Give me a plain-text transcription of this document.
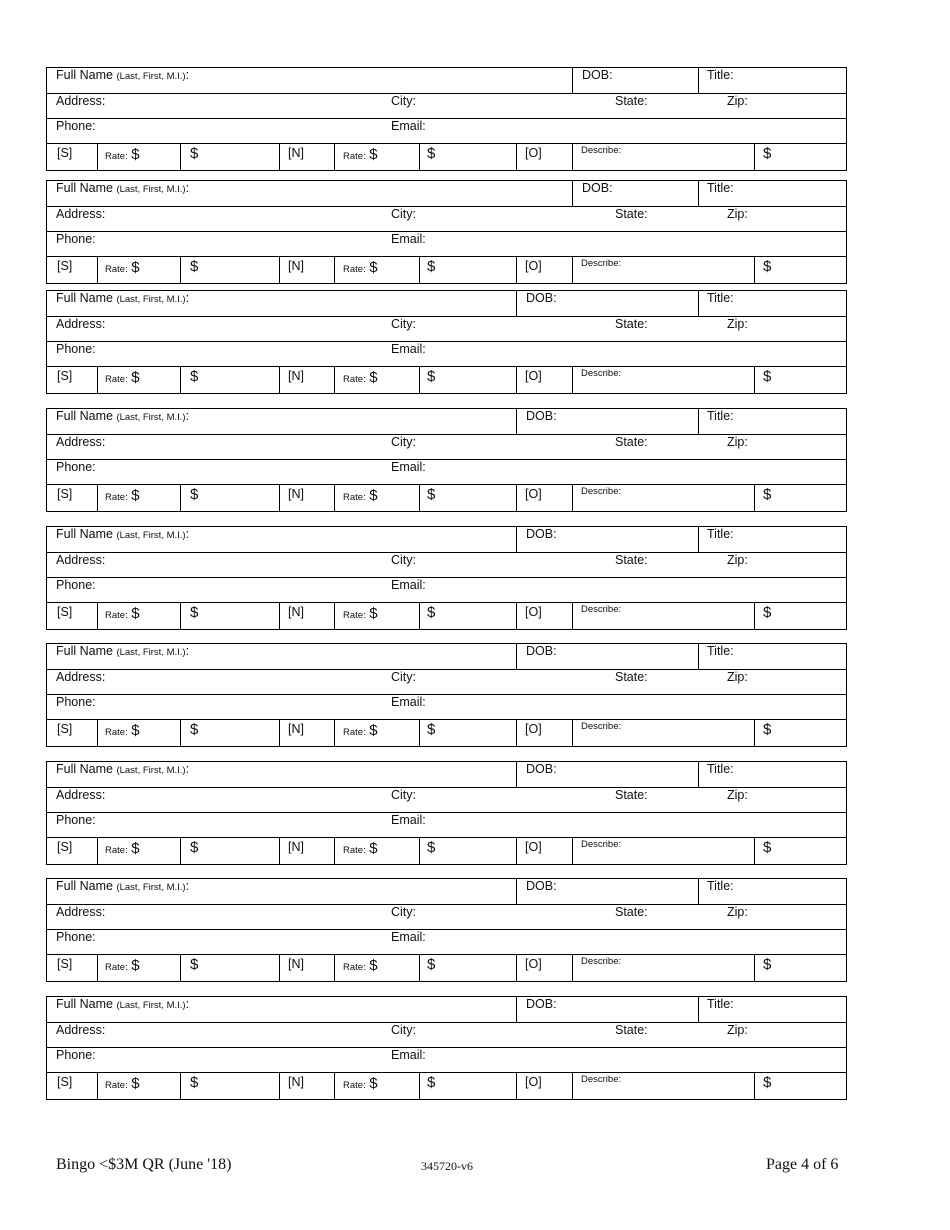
Full Name (Last, First, M.I.):	DOB:	Title:
Address:	City:	State:	Zip:
Phone:	Email:
[S]	Rate: $	$	[N]	Rate: $	$	[O]	Describe:	$
Full Name (Last, First, M.I.):	DOB:	Title:
Address:	City:	State:	Zip:
Phone:	Email:
[S]	Rate: $	$	[N]	Rate: $	$	[O]	Describe:	$
Full Name (Last, First, M.I.):	DOB:	Title:
Address:	City:	State:	Zip:
Phone:	Email:
[S]	Rate: $	$	[N]	Rate: $	$	[O]	Describe:	$
Full Name (Last, First, M.I.):	DOB:	Title:
Address:	City:	State:	Zip:
Phone:	Email:
[S]	Rate: $	$	[N]	Rate: $	$	[O]	Describe:	$
Full Name (Last, First, M.I.):	DOB:	Title:
Address:	City:	State:	Zip:
Phone:	Email:
[S]	Rate: $	$	[N]	Rate: $	$	[O]	Describe:	$
Full Name (Last, First, M.I.):	DOB:	Title:
Address:	City:	State:	Zip:
Phone:	Email:
[S]	Rate: $	$	[N]	Rate: $	$	[O]	Describe:	$
Full Name (Last, First, M.I.):	DOB:	Title:
Address:	City:	State:	Zip:
Phone:	Email:
[S]	Rate: $	$	[N]	Rate: $	$	[O]	Describe:	$
Full Name (Last, First, M.I.):	DOB:	Title:
Address:	City:	State:	Zip:
Phone:	Email:
[S]	Rate: $	$	[N]	Rate: $	$	[O]	Describe:	$
Full Name (Last, First, M.I.):	DOB:	Title:
Address:	City:	State:	Zip:
Phone:	Email:
[S]	Rate: $	$	[N]	Rate: $	$	[O]	Describe:	$
Bingo <$3M QR (June '18)	345720-v6	Page 4 of 6
